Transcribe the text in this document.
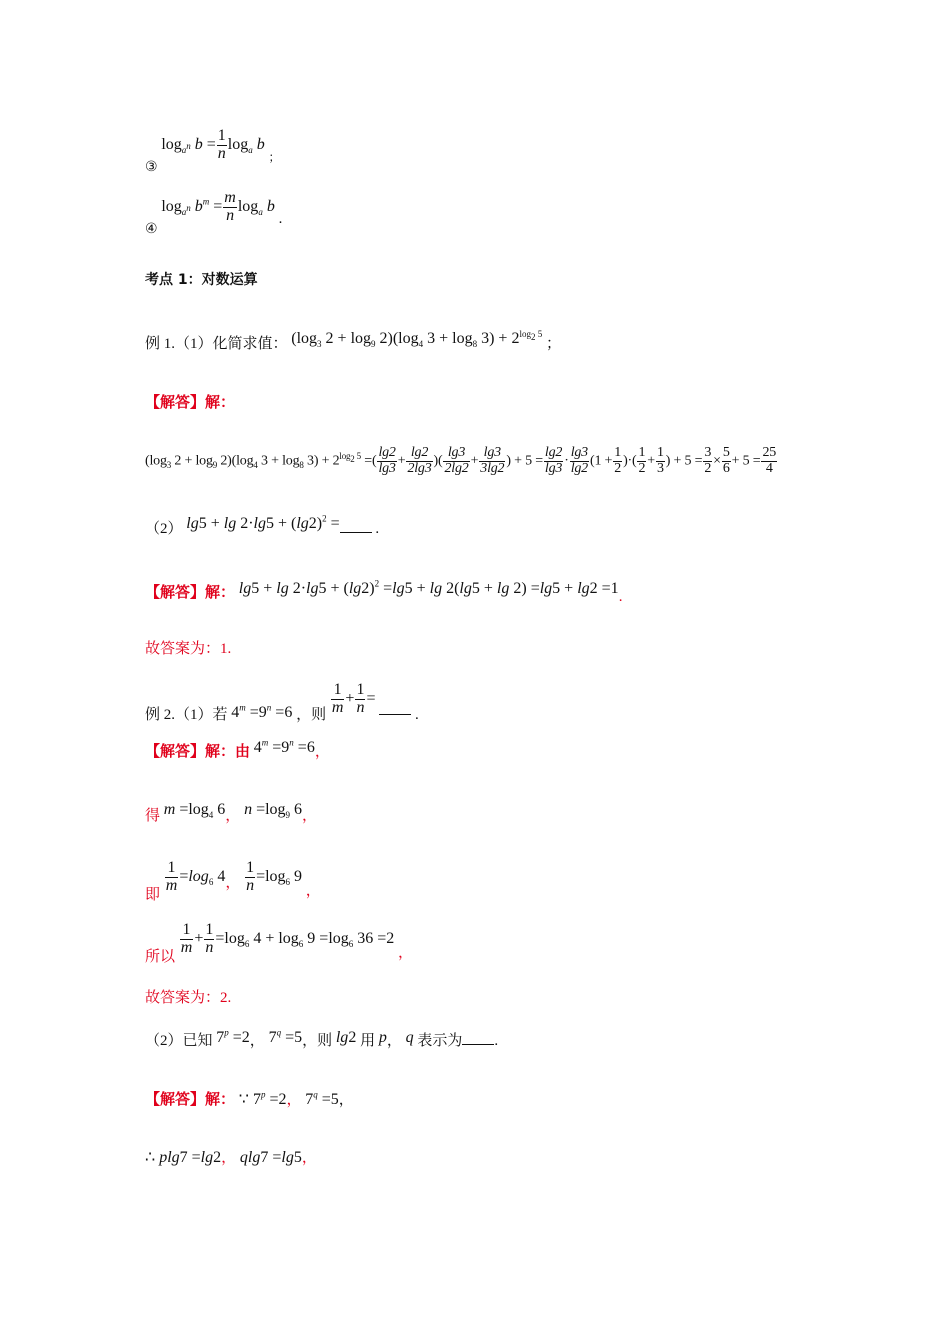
③ $\log_{a^n} b = \frac{1}{n} \log_a b$ $_;$
④ $\log_{a^n} b^m = \frac{m}{n} \log_a b$ .
考点 1：对数运算
例 1.（1）化简求值： ($\log_3$ $2 + \log_9 2)(\log_4$ $3 + \log_8 3) + 2^{log_2 5}$ ；
【解答】解：
($\log_3$ $2 + \log_9 2)(\log_4$ $3 + \log_8 3) + 2^{log_2 5}$ =( $\frac{\lg 2}{\lg 3} + \frac{\lg 2}{2\lg 3}$ )( $\frac{\lg 3}{2\lg 2} + \frac{\lg 3}{3\lg 2}$ ) + $5 = \frac{\lg 2}{\lg 3} \cdot \frac{\lg 3}{\lg 2} (1 + \frac{1}{2}$ )·( $\frac{1}{2} + \frac{1}{3}$ ) + $5 = \frac{3}{2} \times \frac{5}{6} + 5 = \frac{25}{4}$
（2） $\lg 5 + \lg 2\cdot\lg 5 + (\lg 2)^2$ = .
【解答】解： $\lg 5 + \lg 2\cdot\lg 5 + (\lg 2)^2 =\lg 5 + \lg 2(\lg 5 + \lg 2) =\lg 5 + \lg 2 =1$.
故答案为：1.
例 2.（1）若 $4^m =9^n =6$ ，则 $\frac{1}{m} + \frac{1}{n}$ =  .
【解答】解：由 $4^m =9^n =6$，
得 $m =\log_4$ 6， $n =\log_9$ 6，
即
$\frac{1}{m} =\log_6$ 4， $\frac{1}{n} =\log_6$ 9 ，
所以
$\frac{1}{m} + \frac{1}{n} =\log_6$ $4 + \log_6 9 =\log_6$ 36 =2 ，
故答案为：2.
（2）已知 $7^p =2$， $7^q =5$，则 lg2 用 p， q 表示为 .
【解答】解： ∵ $7^p =2$， $7^q =5$，
∴ plg7 =lg2， qlg7 =lg5，
